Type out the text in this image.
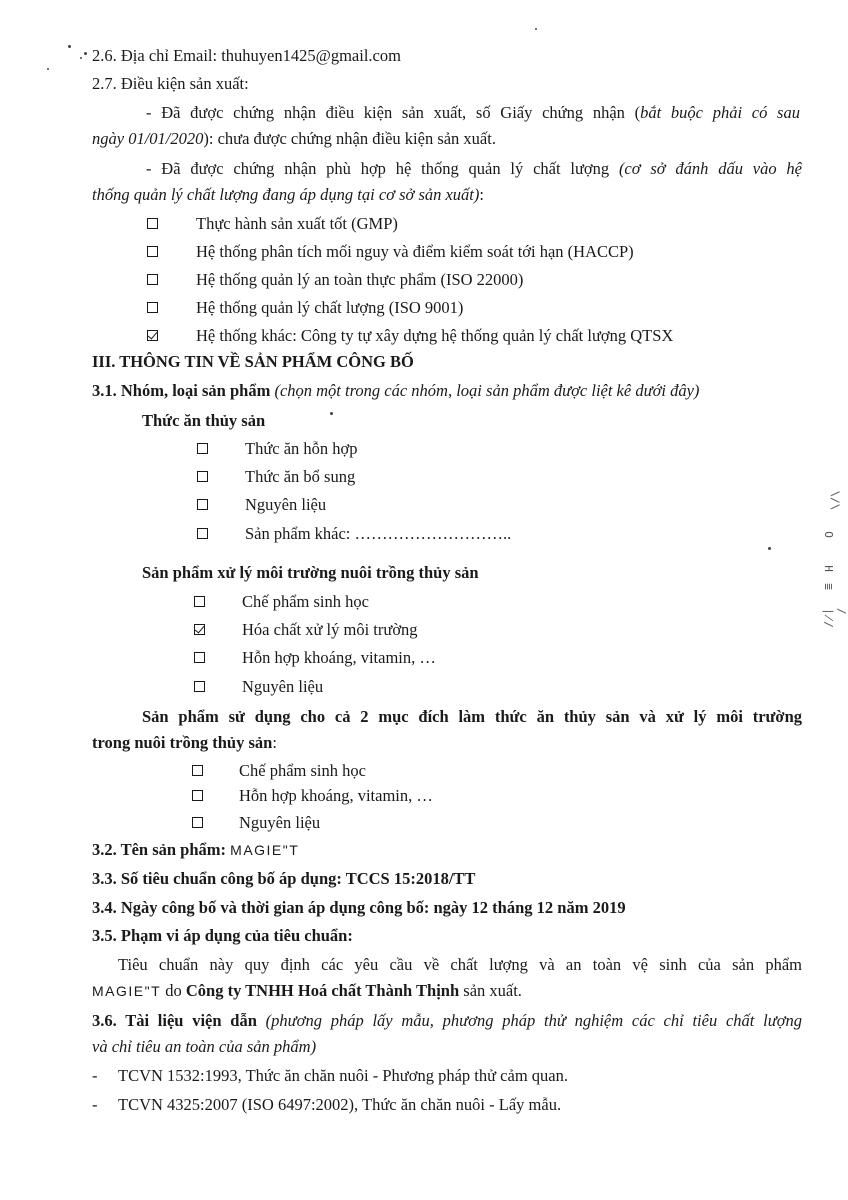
2.6. Địa chỉ Email: thuhuyen1425@gmail.com
2.7. Điều kiện sản xuất:
- Đã được chứng nhận điều kiện sản xuất, số Giấy chứng nhận (bắt buộc phải có sau
ngày 01/01/2020): chưa được chứng nhận điều kiện sản xuất.
- Đã được chứng nhận phù hợp hệ thống quản lý chất lượng (cơ sở đánh dấu vào hệ
thống quản lý chất lượng đang áp dụng tại cơ sở sản xuất):
Thực hành sản xuất tốt (GMP)
Hệ thống phân tích mối nguy và điểm kiểm soát tới hạn (HACCP)
Hệ thống quản lý an toàn thực phẩm (ISO 22000)
Hệ thống quản lý chất lượng (ISO 9001)
Hệ thống khác: Công ty tự xây dựng hệ thống quản lý chất lượng QTSX
III. THÔNG TIN VỀ SẢN PHẨM CÔNG BỐ
3.1. Nhóm, loại sản phẩm (chọn một trong các nhóm, loại sản phẩm được liệt kê dưới đây)
Thức ăn thủy sản
Thức ăn hỗn hợp
Thức ăn bổ sung
Nguyên liệu
Sản phẩm khác: ………………………..
Sản phẩm xử lý môi trường nuôi trồng thủy sản
Chế phẩm sinh học
Hóa chất xử lý môi trường
Hỗn hợp khoáng, vitamin, …
Nguyên liệu
Sản phẩm sử dụng cho cả 2 mục đích làm thức ăn thủy sản và xử lý môi trường
trong nuôi trồng thủy sản:
Chế phẩm sinh học
Hỗn hợp khoáng, vitamin, …
Nguyên liệu
3.2. Tên sản phẩm: MAGIE"T
3.3. Số tiêu chuẩn công bố áp dụng: TCCS 15:2018/TT
3.4. Ngày công bố và thời gian áp dụng công bố: ngày 12 tháng 12 năm 2019
3.5. Phạm vi áp dụng của tiêu chuẩn:
Tiêu chuẩn này quy định các yêu cầu về chất lượng và an toàn vệ sinh của sản phẩm
MAGIE"T do Công ty TNHH Hoá chất Thành Thịnh sản xuất.
3.6. Tài liệu viện dẫn (phương pháp lấy mẫu, phương pháp thử nghiệm các chỉ tiêu chất lượng
và chỉ tiêu an toàn của sản phẩm)
- TCVN 1532:1993, Thức ăn chăn nuôi - Phương pháp thử cảm quan.
- TCVN 4325:2007 (ISO 6497:2002), Thức ăn chăn nuôi - Lấy mẫu.
\/\
O
H
≣
/∤/
